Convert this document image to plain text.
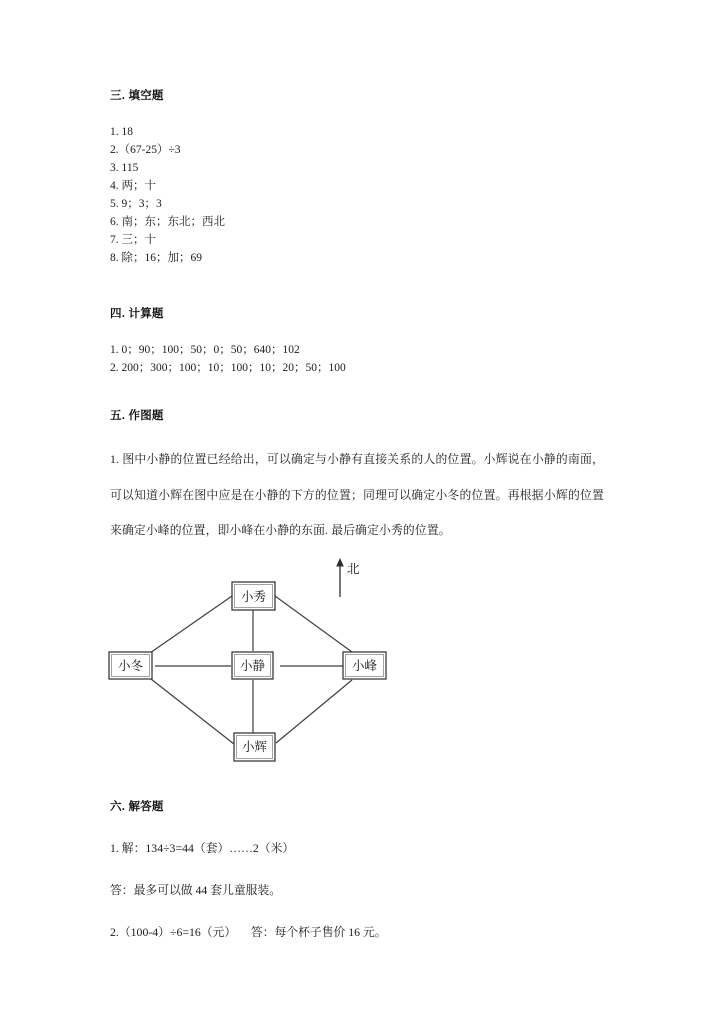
三. 填空题
1. 18
2.（67-25）÷3
3. 115
4. 两；十
5. 9；3；3
6. 南；东；东北；西北
7. 三；十
8. 除；16；加；69
四. 计算题
1. 0；90；100；50；0；50；640；102
2. 200；300；100；10；100；10；20；50；100
五. 作图题

1. 图中小静的位置已经给出，可以确定与小静有直接关系的人的位置。小辉说在小静的南面，可以知道小辉在图中应是在小静的下方的位置；同理可以确定小冬的位置。再根据小辉的位置来确定小峰的位置，即小峰在小静的东面. 最后确定小秀的位置。

小秀
小冬	小静	小峰
小辉
北
六. 解答题
1. 解：134÷3=44（套）……2（米）
答：最多可以做 44 套儿童服装。
2.（100-4）÷6=16（元）     答：每个杯子售价 16 元。
